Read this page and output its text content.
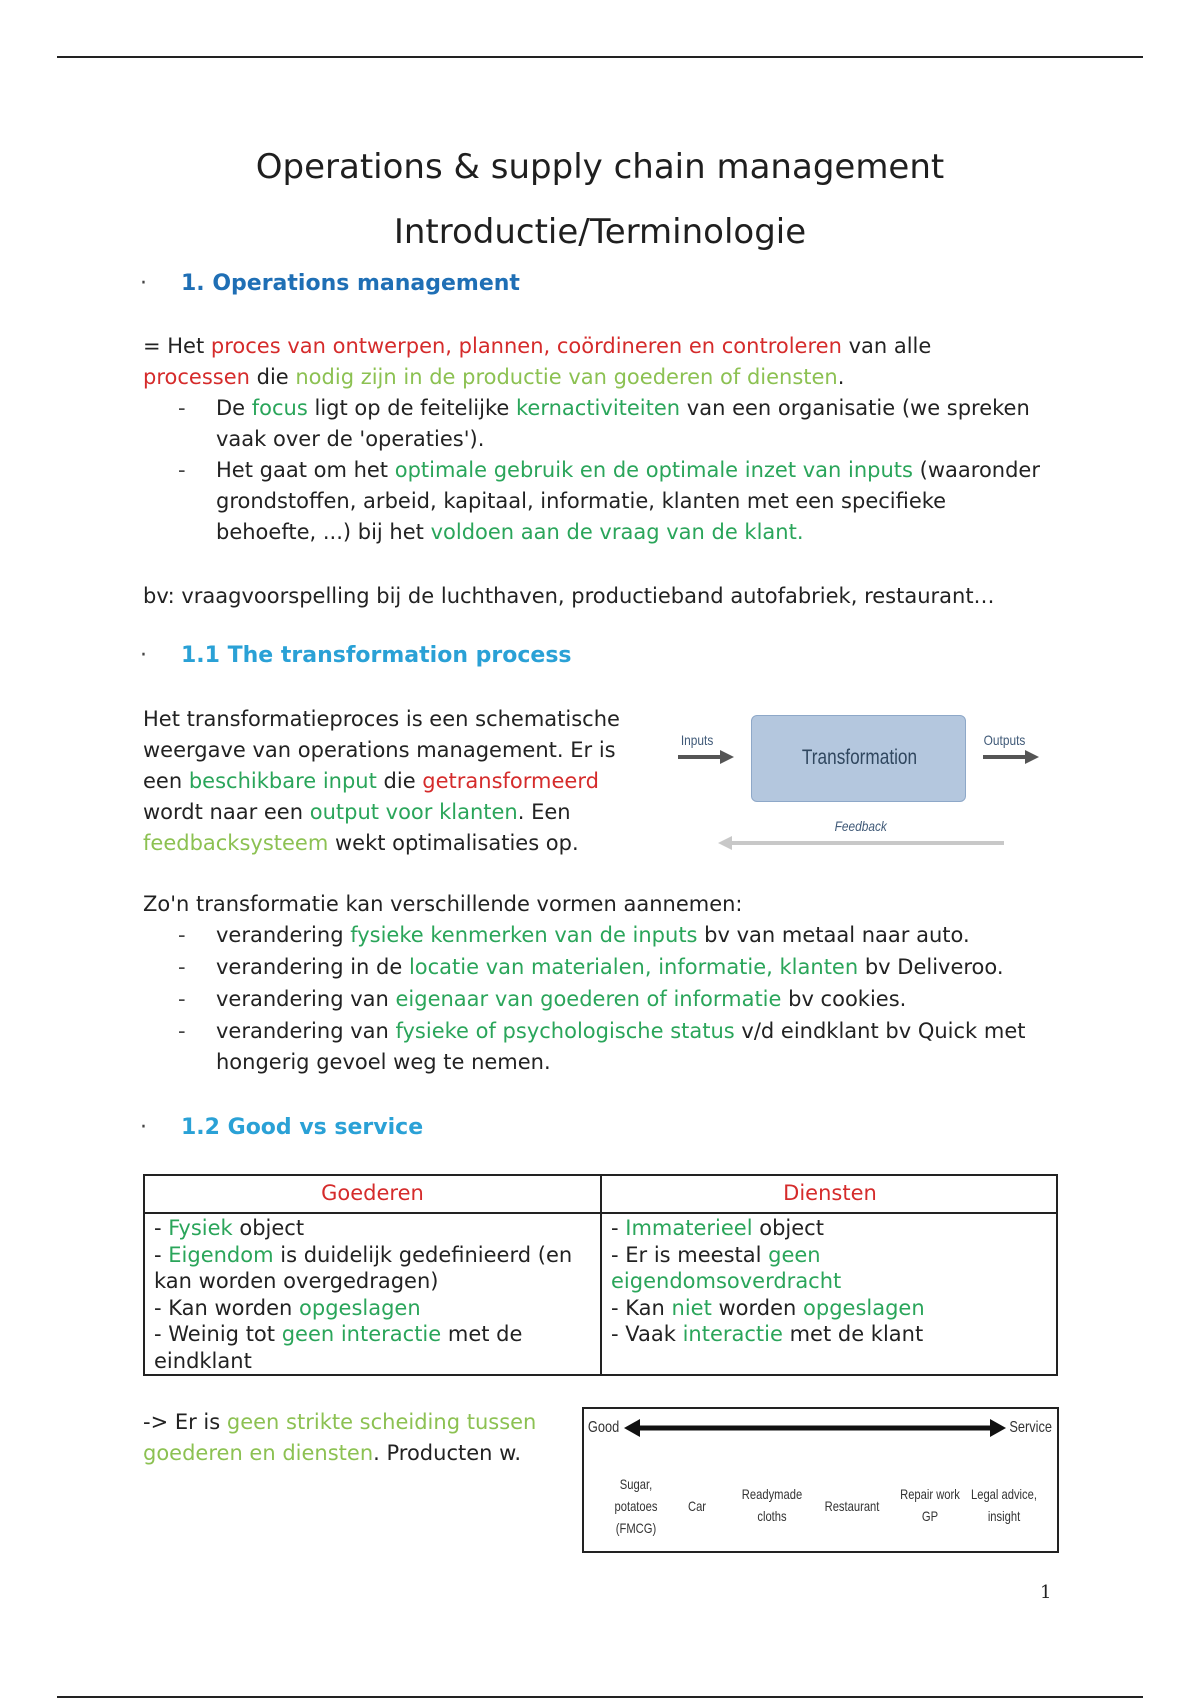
Operations & supply chain management
Introductie/Terminologie
· 1. Operations management
= Het proces van ontwerpen, plannen, coördineren en controleren van alle processen die nodig zijn in de productie van goederen of diensten.
- De focus ligt op de feitelijke kernactiviteiten van een organisatie (we spreken vaak over de 'operaties').
- Het gaat om het optimale gebruik en de optimale inzet van inputs (waaronder grondstoffen, arbeid, kapitaal, informatie, klanten met een specifieke behoefte, ...) bij het voldoen aan de vraag van de klant.
bv: vraagvoorspelling bij de luchthaven, productieband autofabriek, restaurant…
· 1.1 The transformation process
Het transformatieproces is een schematische weergave van operations management. Er is een beschikbare input die getransformeerd wordt naar een output voor klanten. Een feedbacksysteem wekt optimalisaties op.
Inputs
Transformation
Outputs
Feedback
Zo'n transformatie kan verschillende vormen aannemen:
- verandering fysieke kenmerken van de inputs bv van metaal naar auto.
- verandering in de locatie van materialen, informatie, klanten bv Deliveroo.
- verandering van eigenaar van goederen of informatie bv cookies.
- verandering van fysieke of psychologische status v/d eindklant bv Quick met hongerig gevoel weg te nemen.
· 1.2 Good vs service
Goederen
- Fysiek object
- Eigendom is duidelijk gedefinieerd (en kan worden overgedragen)
- Kan worden opgeslagen
- Weinig tot geen interactie met de eindklant
Diensten
- Immaterieel object
- Er is meestal geen eigendomsoverdracht
- Kan niet worden opgeslagen
- Vaak interactie met de klant
-> Er is geen strikte scheiding tussen goederen en diensten. Producten w.
Good	Service
Sugar,
potatoes
(FMCG)
Car
Readymade
cloths
Restaurant
Repair work
GP
Legal advice,
insight
1
